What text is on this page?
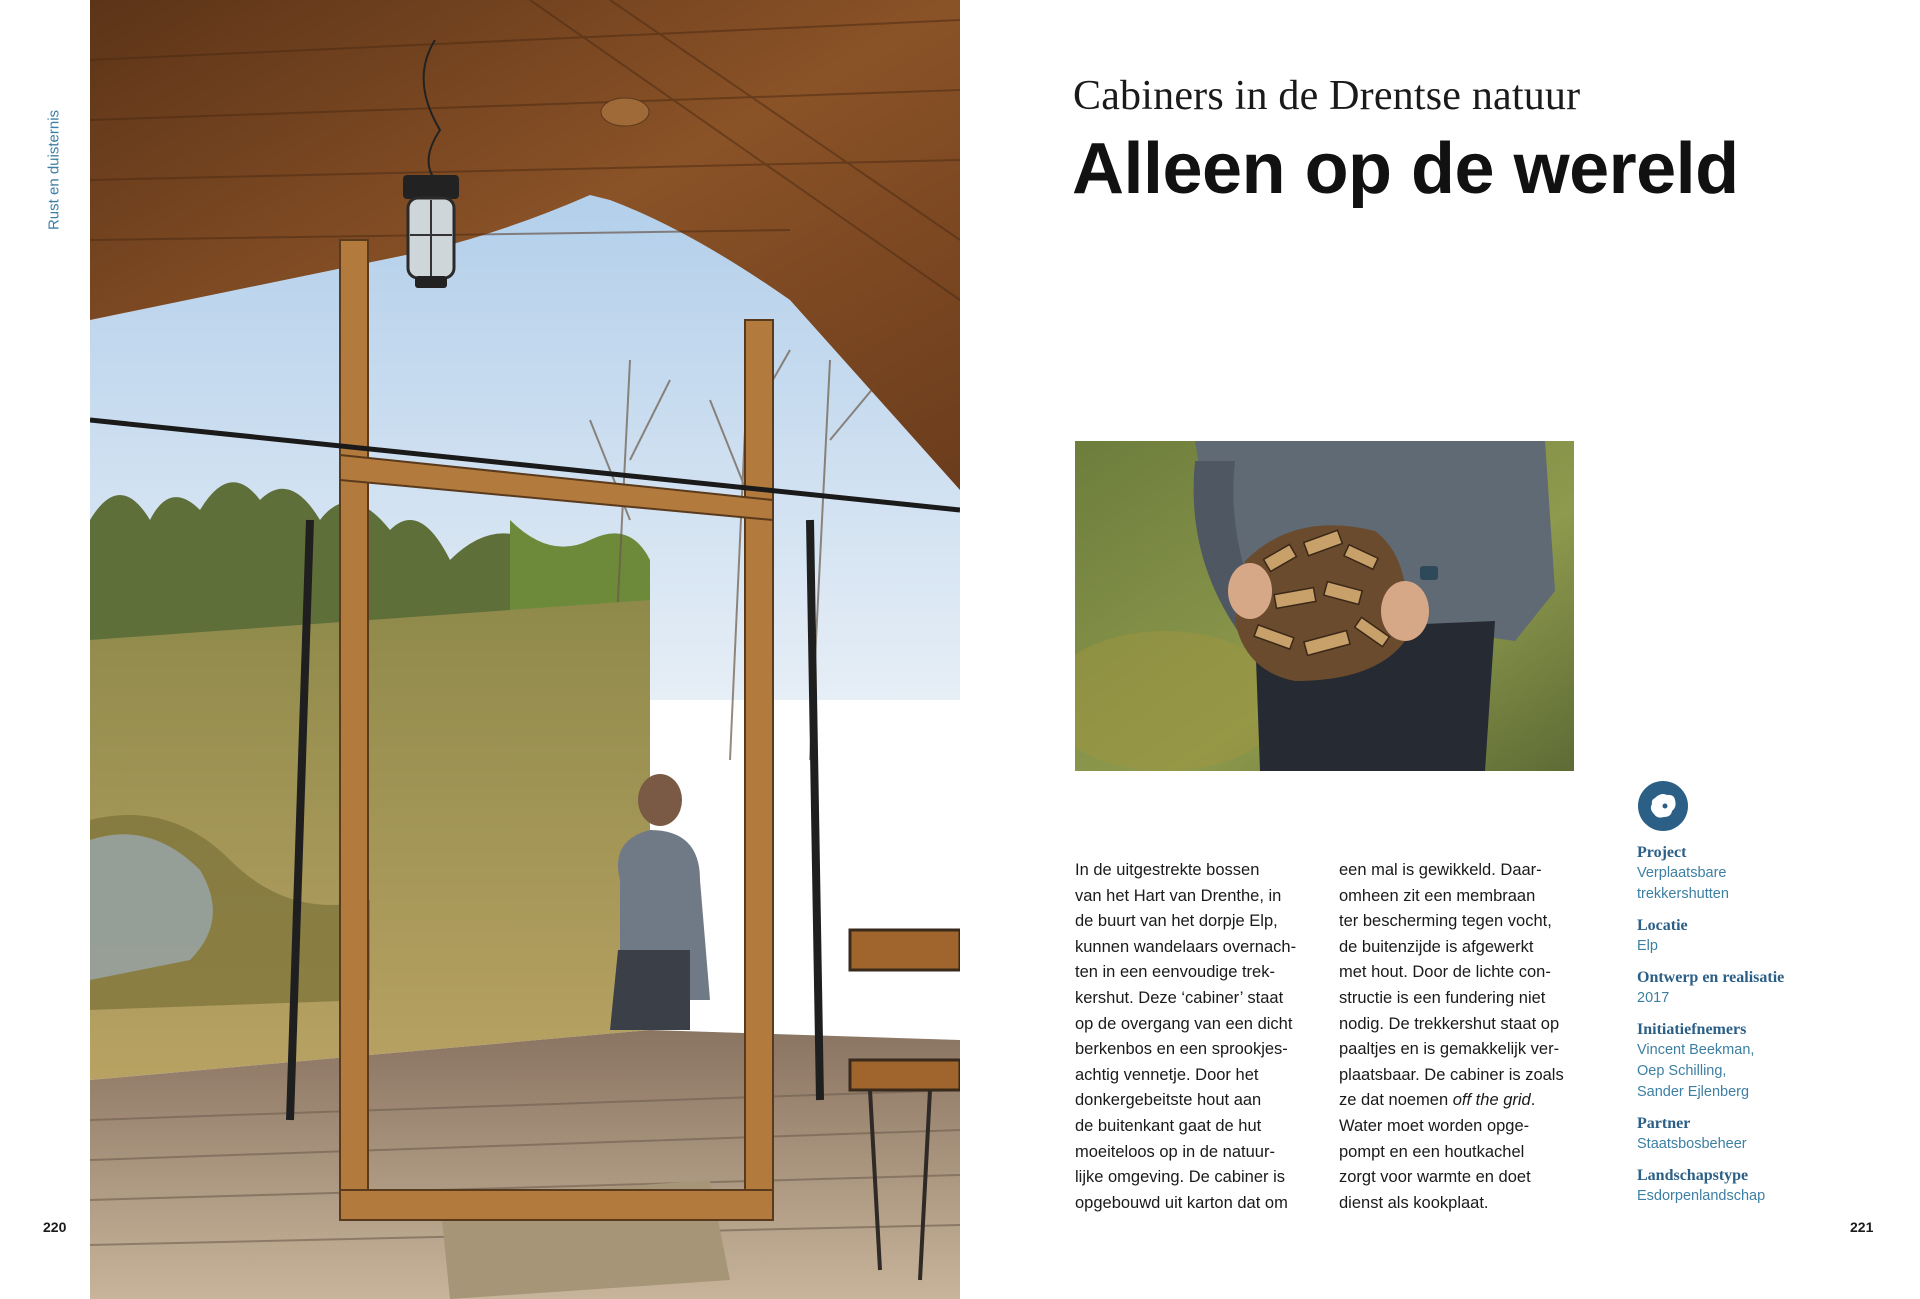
Rust en duisternis
Cabiners in de Drentse natuur
Alleen op de wereld
In de uitgestrekte bossen
van het Hart van Drenthe, in
de buurt van het dorpje Elp,
kunnen wandelaars overnach-
ten in een eenvoudige trek-
kershut. Deze ‘cabiner’ staat
op de overgang van een dicht
berkenbos en een sprookjes-
achtig vennetje. Door het
donkergebeitste hout aan
de buitenkant gaat de hut
moeiteloos op in de natuur-
lijke omgeving. De cabiner is
opgebouwd uit karton dat om
een mal is gewikkeld. Daar-
omheen zit een membraan
ter bescherming tegen vocht,
de buitenzijde is afgewerkt
met hout. Door de lichte con-
structie is een fundering niet
nodig. De trekkershut staat op
paaltjes en is gemakkelijk ver-
plaatsbaar. De cabiner is zoals
ze dat noemen off the grid.
Water moet worden opge-
pompt en een houtkachel
zorgt voor warmte en doet
dienst als kookplaat.
Project
Verplaatsbare
trekkershutten
Locatie
Elp
Ontwerp en realisatie
2017
Initiatiefnemers
Vincent Beekman,
Oep Schilling,
Sander Ejlenberg
Partner
Staatsbosbeheer
Landschapstype
Esdorpenlandschap
220	221
